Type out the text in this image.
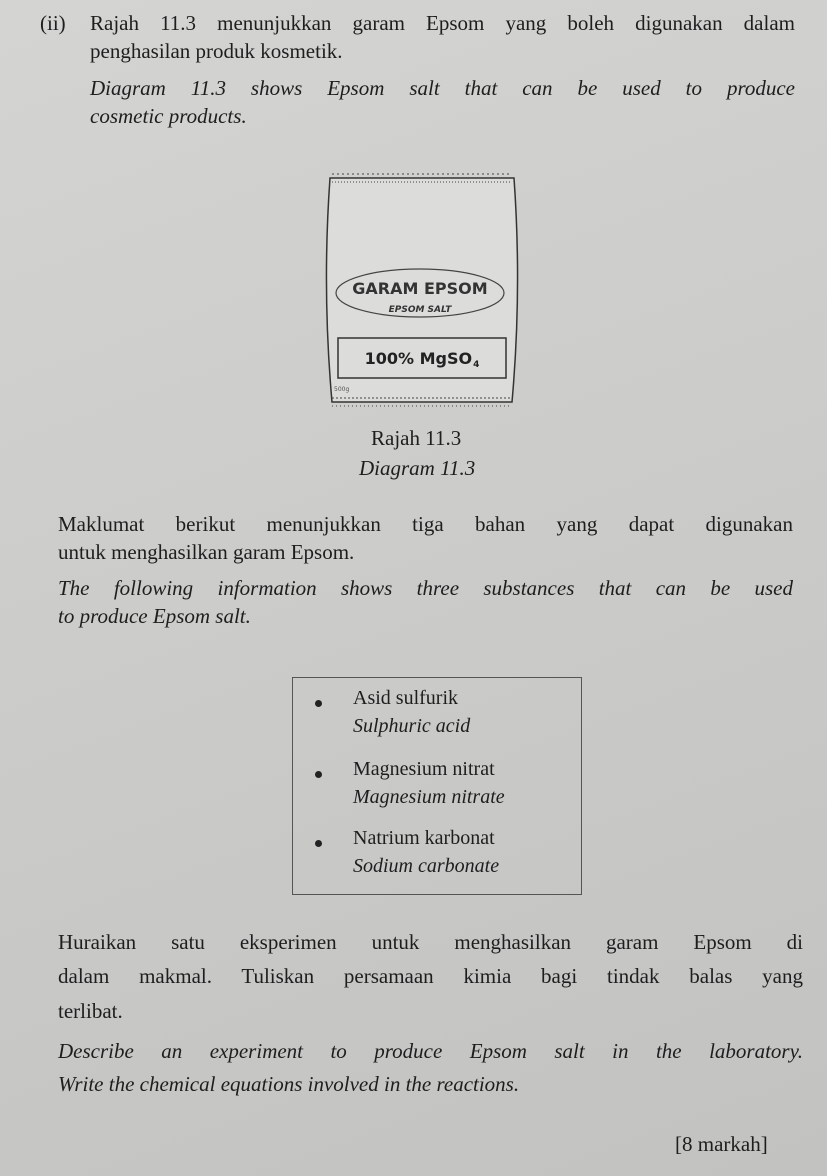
(ii) Rajah 11.3 menunjukkan garam Epsom yang boleh digunakan dalam
penghasilan produk kosmetik.
Diagram 11.3 shows Epsom salt that can be used to produce
cosmetic products.
GARAM EPSOM
EPSOM SALT
100% MgSO4
500g
Rajah 11.3
Diagram 11.3
Maklumat berikut menunjukkan tiga bahan yang dapat digunakan
untuk menghasilkan garam Epsom.
The following information shows three substances that can be used
to produce Epsom salt.
Asid sulfurik
Sulphuric acid
Magnesium nitrat
Magnesium nitrate
Natrium karbonat
Sodium carbonate
Huraikan satu eksperimen untuk menghasilkan garam Epsom di
dalam makmal. Tuliskan persamaan kimia bagi tindak balas yang
terlibat.
Describe an experiment to produce Epsom salt in the laboratory.
Write the chemical equations involved in the reactions.
[8 markah]
